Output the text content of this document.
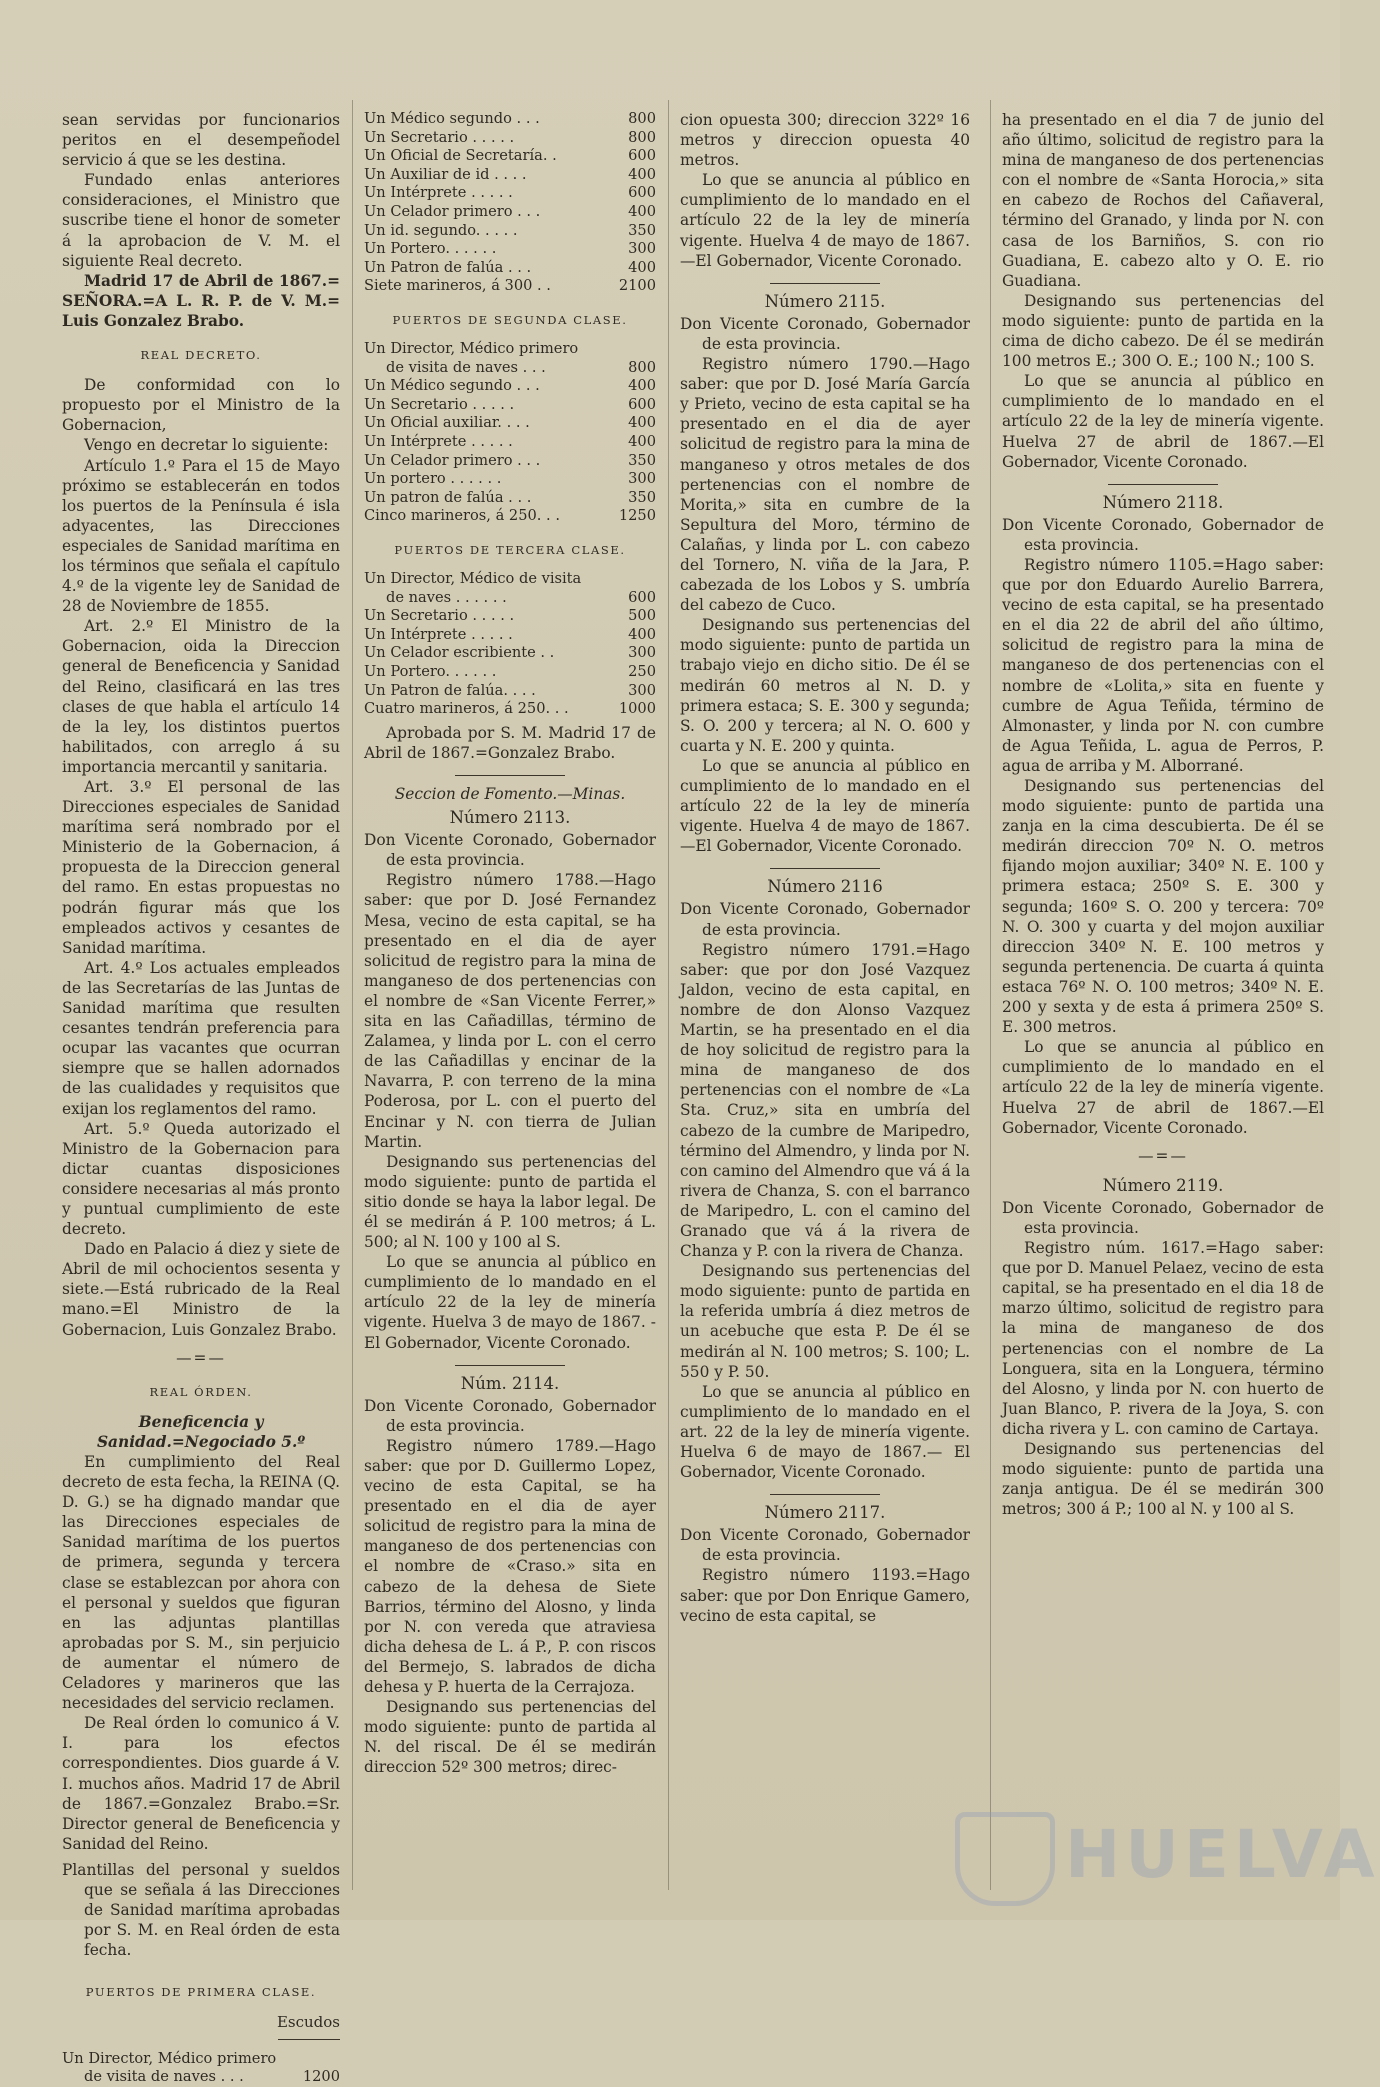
sean servidas por funcionarios peritos en el desempeñodel servicio á que se les destina.

Fundado enlas anteriores consideraciones, el Ministro que suscribe tiene el honor de someter á la aprobacion de V. M. el siguiente Real decreto.

Madrid 17 de Abril de 1867.= SEÑORA.=A L. R. P. de V. M.= Luis Gonzalez Brabo.

REAL DECRETO.

De conformidad con lo propuesto por el Ministro de la Gobernacion,

Vengo en decretar lo siguiente:

Artículo 1.º Para el 15 de Mayo próximo se establecerán en todos los puertos de la Península é isla adyacentes, las Direcciones especiales de Sanidad marítima en los términos que señala el capítulo 4.º de la vigente ley de Sanidad de 28 de Noviembre de 1855.

Art. 2.º El Ministro de la Gobernacion, oida la Direccion general de Beneficencia y Sanidad del Reino, clasificará en las tres clases de que habla el artículo 14 de la ley, los distintos puertos habilitados, con arreglo á su importancia mercantil y sanitaria.

Art. 3.º El personal de las Direcciones especiales de Sanidad marítima será nombrado por el Ministerio de la Gobernacion, á propuesta de la Direccion general del ramo. En estas propuestas no podrán figurar más que los empleados activos y cesantes de Sanidad marítima.

Art. 4.º Los actuales empleados de las Secretarías de las Juntas de Sanidad marítima que resulten cesantes tendrán preferencia para ocupar las vacantes que ocurran siempre que se hallen adornados de las cualidades y requisitos que exijan los reglamentos del ramo.

Art. 5.º Queda autorizado el Ministro de la Gobernacion para dictar cuantas disposiciones considere necesarias al más pronto y puntual cumplimiento de este decreto.

Dado en Palacio á diez y siete de Abril de mil ochocientos sesenta y siete.—Está rubricado de la Real mano.=El Ministro de la Gobernacion, Luis Gonzalez Brabo.

—=—
REAL ÓRDEN.

Beneficencia y Sanidad.=Negociado 5.º

En cumplimiento del Real decreto de esta fecha, la REINA (Q. D. G.) se ha dignado mandar que las Direcciones especiales de Sanidad marítima de los puertos de primera, segunda y tercera clase se establezcan por ahora con el personal y sueldos que figuran en las adjuntas plantillas aprobadas por S. M., sin perjuicio de aumentar el número de Celadores y marineros que las necesidades del servicio reclamen.

De Real órden lo comunico á V. I. para los efectos correspondientes. Dios guarde á V. I. muchos años. Madrid 17 de Abril de 1867.=Gonzalez Brabo.=Sr. Director general de Beneficencia y Sanidad del Reino.

Plantillas del personal y sueldos que se señala á las Direcciones de Sanidad marítima aprobadas por S. M. en Real órden de esta fecha.

PUERTOS DE PRIMERA CLASE.
Escudos
Un Director, Médico primero
de visita de naves . . .	1200
Un Médico segundo . . .	800
Un Secretario . . . . .	800
Un Oficial de Secretaría. .	600
Un Auxiliar de id . . . .	400
Un Intérprete . . . . .	600
Un Celador primero . . .	400
Un id. segundo. . . . .	350
Un Portero. . . . . .	300
Un Patron de falúa . . .	400
Siete marineros, á 300 . .	2100
PUERTOS DE SEGUNDA CLASE.
Un Director, Médico primero
de visita de naves . . .	800
Un Médico segundo . . .	400
Un Secretario . . . . .	600
Un Oficial auxiliar. . . .	400
Un Intérprete . . . . .	400
Un Celador primero . . .	350
Un portero . . . . . .	300
Un patron de falúa . . .	350
Cinco marineros, á 250. . .	1250
PUERTOS DE TERCERA CLASE.
Un Director, Médico de visita
de naves . . . . . .	600
Un Secretario . . . . .	500
Un Intérprete . . . . .	400
Un Celador escribiente . .	300
Un Portero. . . . . .	250
Un Patron de falúa. . . .	300
Cuatro marineros, á 250. . .	1000

Aprobada por S. M. Madrid 17 de Abril de 1867.=Gonzalez Brabo.

Seccion de Fomento.—Minas.

Número 2113.

Don Vicente Coronado, Gobernador de esta provincia.

Registro número 1788.—Hago saber: que por D. José Fernandez Mesa, vecino de esta capital, se ha presentado en el dia de ayer solicitud de registro para la mina de manganeso de dos pertenencias con el nombre de «San Vicente Ferrer,» sita en las Cañadillas, término de Zalamea, y linda por L. con el cerro de las Cañadillas y encinar de la Navarra, P. con terreno de la mina Poderosa, por L. con el puerto del Encinar y N. con tierra de Julian Martin.

Designando sus pertenencias del modo siguiente: punto de partida el sitio donde se haya la labor legal. De él se medirán á P. 100 metros; á L. 500; al N. 100 y 100 al S.

Lo que se anuncia al público en cumplimiento de lo mandado en el artículo 22 de la ley de minería vigente. Huelva 3 de mayo de 1867. -El Gobernador, Vicente Coronado.

Núm. 2114.

Don Vicente Coronado, Gobernador de esta provincia.

Registro número 1789.—Hago saber: que por D. Guillermo Lopez, vecino de esta Capital, se ha presentado en el dia de ayer solicitud de registro para la mina de manganeso de dos pertenencias con el nombre de «Craso.» sita en cabezo de la dehesa de Siete Barrios, término del Alosno, y linda por N. con vereda que atraviesa dicha dehesa de L. á P., P. con riscos del Bermejo, S. labrados de dicha dehesa y P. huerta de la Cerrajoza.

Designando sus pertenencias del modo siguiente: punto de partida al N. del riscal. De él se medirán direccion 52º 300 metros; direc-

cion opuesta 300; direccion 322º 16 metros y direccion opuesta 40 metros.

Lo que se anuncia al público en cumplimiento de lo mandado en el artículo 22 de la ley de minería vigente. Huelva 4 de mayo de 1867.—El Gobernador, Vicente Coronado.

Número 2115.

Don Vicente Coronado, Gobernador de esta provincia.

Registro número 1790.—Hago saber: que por D. José María García y Prieto, vecino de esta capital se ha presentado en el dia de ayer solicitud de registro para la mina de manganeso y otros metales de dos pertenencias con el nombre de Morita,» sita en cumbre de la Sepultura del Moro, término de Calañas, y linda por L. con cabezo del Tornero, N. viña de la Jara, P. cabezada de los Lobos y S. umbría del cabezo de Cuco.

Designando sus pertenencias del modo siguiente: punto de partida un trabajo viejo en dicho sitio. De él se medirán 60 metros al N. D. y primera estaca; S. E. 300 y segunda; S. O. 200 y tercera; al N. O. 600 y cuarta y N. E. 200 y quinta.

Lo que se anuncia al público en cumplimiento de lo mandado en el artículo 22 de la ley de minería vigente. Huelva 4 de mayo de 1867.—El Gobernador, Vicente Coronado.

Número 2116

Don Vicente Coronado, Gobernador de esta provincia.

Registro número 1791.=Hago saber: que por don José Vazquez Jaldon, vecino de esta capital, en nombre de don Alonso Vazquez Martin, se ha presentado en el dia de hoy solicitud de registro para la mina de manganeso de dos pertenencias con el nombre de «La Sta. Cruz,» sita en umbría del cabezo de la cumbre de Maripedro, término del Almendro, y linda por N. con camino del Almendro que vá á la rivera de Chanza, S. con el barranco de Maripedro, L. con el camino del Granado que vá á la rivera de Chanza y P. con la rivera de Chanza.

Designando sus pertenencias del modo siguiente: punto de partida en la referida umbría á diez metros de un acebuche que esta P. De él se medirán al N. 100 metros; S. 100; L. 550 y P. 50.

Lo que se anuncia al público en cumplimiento de lo mandado en el art. 22 de la ley de minería vigente. Huelva 6 de mayo de 1867.— El Gobernador, Vicente Coronado.

Número 2117.

Don Vicente Coronado, Gobernador de esta provincia.

Registro número 1193.=Hago saber: que por Don Enrique Gamero, vecino de esta capital, se

ha presentado en el dia 7 de junio del año último, solicitud de registro para la mina de manganeso de dos pertenencias con el nombre de «Santa Horocia,» sita en cabezo de Rochos del Cañaveral, término del Granado, y linda por N. con casa de los Barniños, S. con rio Guadiana, E. cabezo alto y O. E. rio Guadiana.

Designando sus pertenencias del modo siguiente: punto de partida en la cima de dicho cabezo. De él se medirán 100 metros E.; 300 O. E.; 100 N.; 100 S.

Lo que se anuncia al público en cumplimiento de lo mandado en el artículo 22 de la ley de minería vigente. Huelva 27 de abril de 1867.—El Gobernador, Vicente Coronado.

Número 2118.

Don Vicente Coronado, Gobernador de esta provincia.

Registro número 1105.=Hago saber: que por don Eduardo Aurelio Barrera, vecino de esta capital, se ha presentado en el dia 22 de abril del año último, solicitud de registro para la mina de manganeso de dos pertenencias con el nombre de «Lolita,» sita en fuente y cumbre de Agua Teñida, término de Almonaster, y linda por N. con cumbre de Agua Teñida, L. agua de Perros, P. agua de arriba y M. Alborrané.

Designando sus pertenencias del modo siguiente: punto de partida una zanja en la cima descubierta. De él se medirán direccion 70º N. O. metros fijando mojon auxiliar; 340º N. E. 100 y primera estaca; 250º S. E. 300 y segunda; 160º S. O. 200 y tercera: 70º N. O. 300 y cuarta y del mojon auxiliar direccion 340º N. E. 100 metros y segunda pertenencia. De cuarta á quinta estaca 76º N. O. 100 metros; 340º N. E. 200 y sexta y de esta á primera 250º S. E. 300 metros.

Lo que se anuncia al público en cumplimiento de lo mandado en el artículo 22 de la ley de minería vigente. Huelva 27 de abril de 1867.—El Gobernador, Vicente Coronado.

—=—
Número 2119.

Don Vicente Coronado, Gobernador de esta provincia.

Registro núm. 1617.=Hago saber: que por D. Manuel Pelaez, vecino de esta capital, se ha presentado en el dia 18 de marzo último, solicitud de registro para la mina de manganeso de dos pertenencias con el nombre de La Longuera, sita en la Longuera, término del Alosno, y linda por N. con huerto de Juan Blanco, P. rivera de la Joya, S. con dicha rivera y L. con camino de Cartaya.

Designando sus pertenencias del modo siguiente: punto de partida una zanja antigua. De él se medirán 300 metros; 300 á P.; 100 al N. y 100 al S.

HUELVA
